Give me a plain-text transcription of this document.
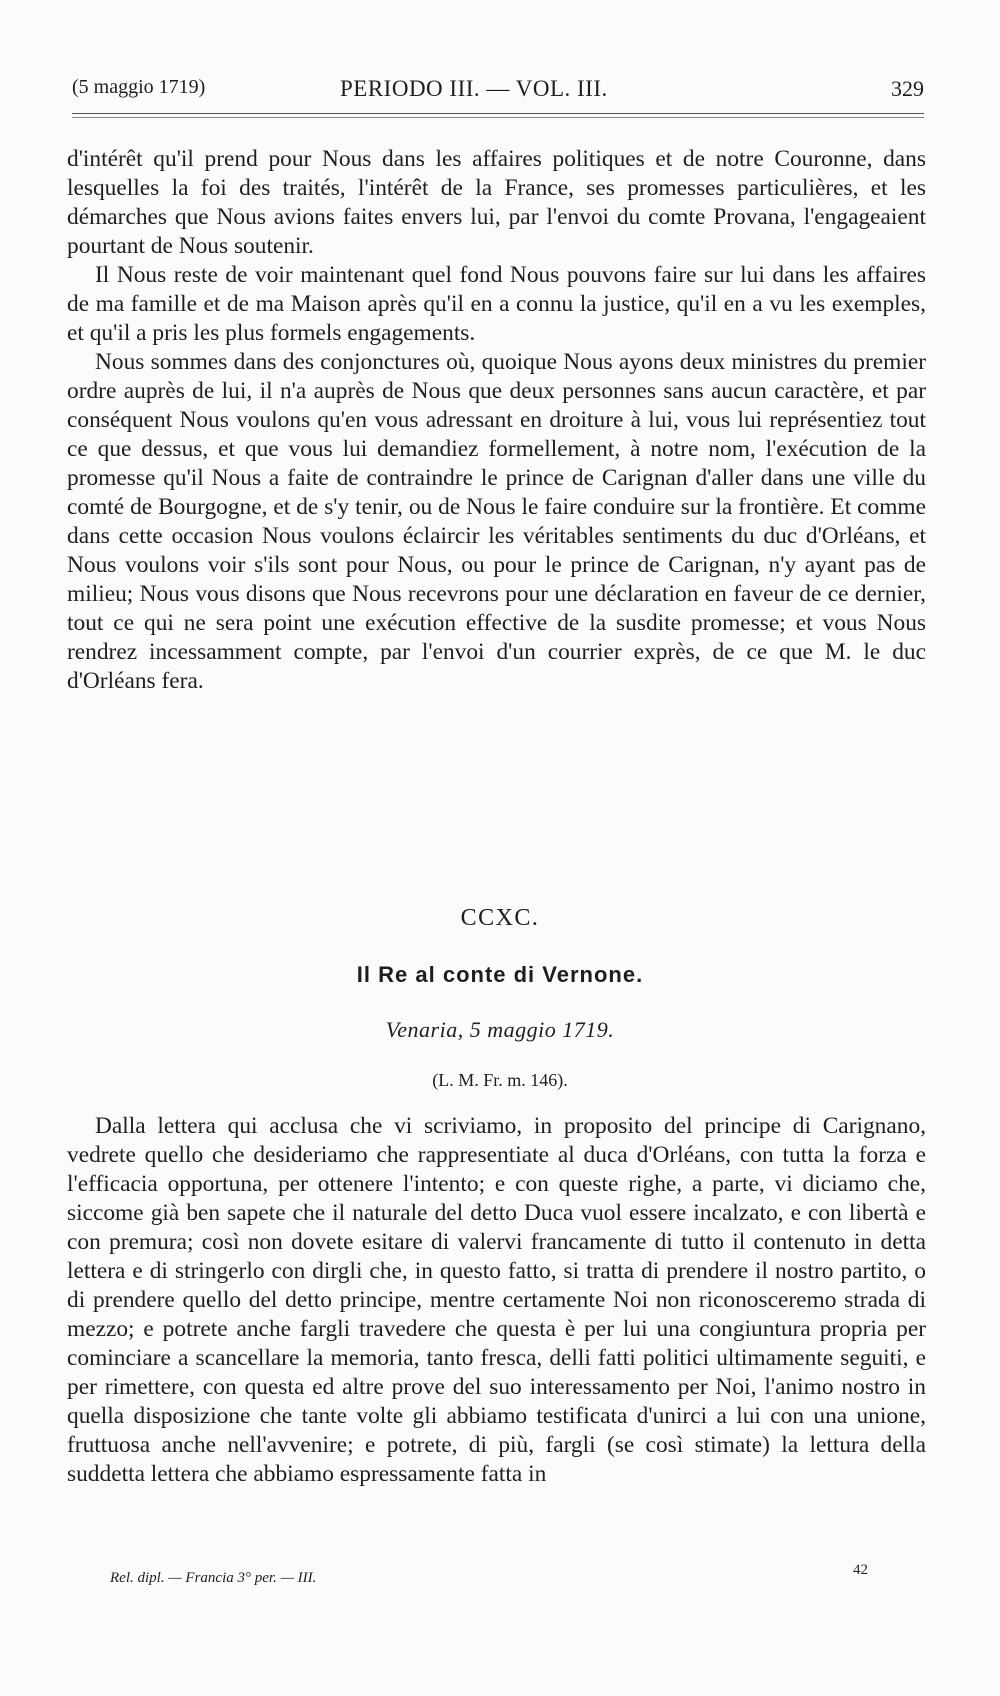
(5 maggio 1719)	PERIODO III. — VOL. III.	329

d'intérêt qu'il prend pour Nous dans les affaires politiques et de notre Couronne, dans lesquelles la foi des traités, l'intérêt de la France, ses promesses particulières, et les démarches que Nous avions faites envers lui, par l'envoi du comte Provana, l'engageaient pourtant de Nous soutenir.

Il Nous reste de voir maintenant quel fond Nous pouvons faire sur lui dans les affaires de ma famille et de ma Maison après qu'il en a connu la justice, qu'il en a vu les exemples, et qu'il a pris les plus formels engagements.

Nous sommes dans des conjonctures où, quoique Nous ayons deux ministres du premier ordre auprès de lui, il n'a auprès de Nous que deux personnes sans aucun caractère, et par conséquent Nous voulons qu'en vous adressant en droiture à lui, vous lui représentiez tout ce que dessus, et que vous lui demandiez formellement, à notre nom, l'exécution de la promesse qu'il Nous a faite de contraindre le prince de Carignan d'aller dans une ville du comté de Bourgogne, et de s'y tenir, ou de Nous le faire conduire sur la frontière. Et comme dans cette occasion Nous voulons éclaircir les véritables sentiments du duc d'Orléans, et Nous voulons voir s'ils sont pour Nous, ou pour le prince de Carignan, n'y ayant pas de milieu; Nous vous disons que Nous recevrons pour une déclaration en faveur de ce dernier, tout ce qui ne sera point une exécution effective de la susdite promesse; et vous Nous rendrez incessamment compte, par l'envoi d'un courrier exprès, de ce que M. le duc d'Orléans fera.

CCXC.
Il Re al conte di Vernone.
Venaria, 5 maggio 1719.
(L. M. Fr. m. 146).

Dalla lettera qui acclusa che vi scriviamo, in proposito del principe di Carignano, vedrete quello che desideriamo che rappresentiate al duca d'Orléans, con tutta la forza e l'efficacia opportuna, per ottenere l'intento; e con queste righe, a parte, vi diciamo che, siccome già ben sapete che il naturale del detto Duca vuol essere incalzato, e con libertà e con premura; così non dovete esitare di valervi francamente di tutto il contenuto in detta lettera e di stringerlo con dirgli che, in questo fatto, si tratta di prendere il nostro partito, o di prendere quello del detto principe, mentre certamente Noi non riconosceremo strada di mezzo; e potrete anche fargli travedere che questa è per lui una congiuntura propria per cominciare a scancellare la memoria, tanto fresca, delli fatti politici ultimamente seguiti, e per rimettere, con questa ed altre prove del suo interessamento per Noi, l'animo nostro in quella disposizione che tante volte gli abbiamo testificata d'unirci a lui con una unione, fruttuosa anche nell'avvenire; e potrete, di più, fargli (se così stimate) la lettura della suddetta lettera che abbiamo espressamente fatta in

Rel. dipl. — Francia 3° per. — III.	42
